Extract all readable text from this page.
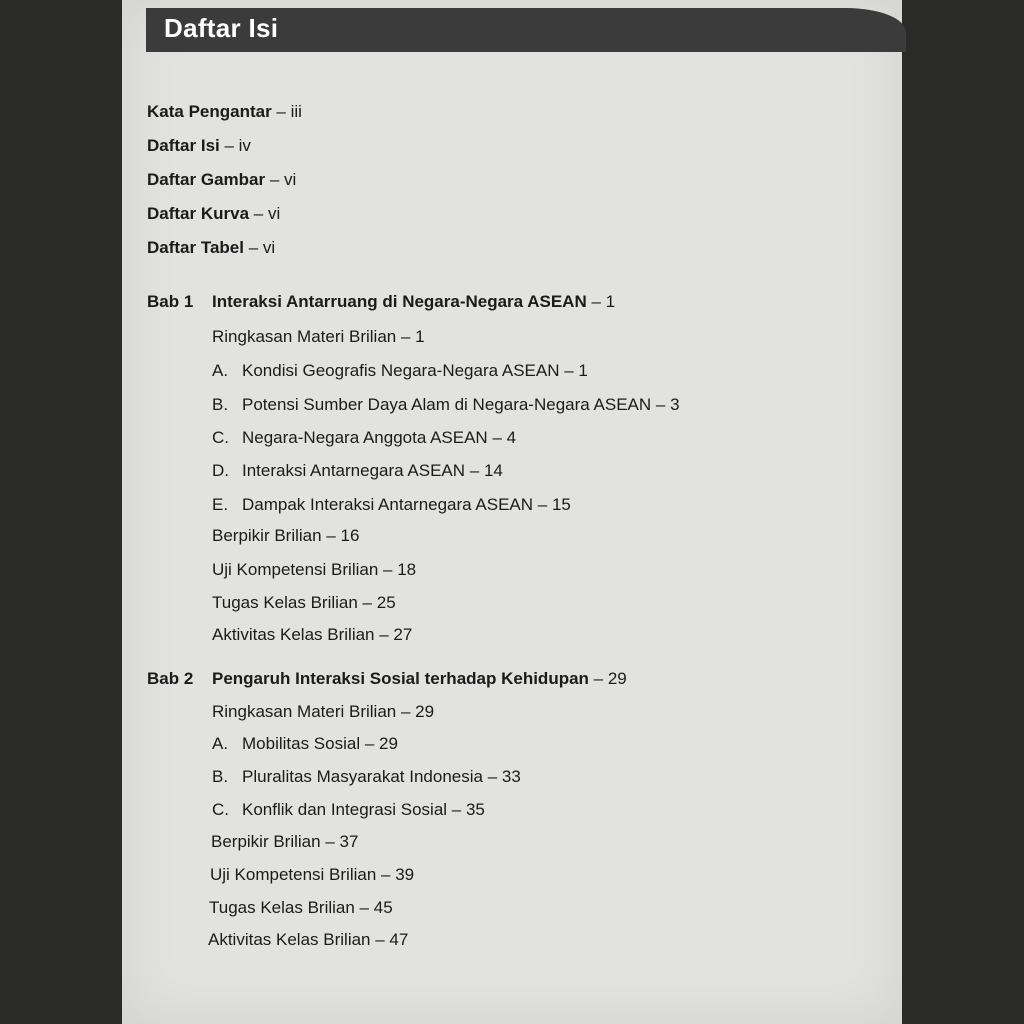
Daftar Isi
Kata Pengantar – iii
Daftar Isi – iv
Daftar Gambar – vi
Daftar Kurva – vi
Daftar Tabel – vi
Bab 1 Interaksi Antarruang di Negara-Negara ASEAN – 1
Ringkasan Materi Brilian – 1
A. Kondisi Geografis Negara-Negara ASEAN – 1
B. Potensi Sumber Daya Alam di Negara-Negara ASEAN – 3
C. Negara-Negara Anggota ASEAN – 4
D. Interaksi Antarnegara ASEAN – 14
E. Dampak Interaksi Antarnegara ASEAN – 15
Berpikir Brilian – 16
Uji Kompetensi Brilian – 18
Tugas Kelas Brilian – 25
Aktivitas Kelas Brilian – 27
Bab 2 Pengaruh Interaksi Sosial terhadap Kehidupan – 29
Ringkasan Materi Brilian – 29
A. Mobilitas Sosial – 29
B. Pluralitas Masyarakat Indonesia – 33
C. Konflik dan Integrasi Sosial – 35
Berpikir Brilian – 37
Uji Kompetensi Brilian – 39
Tugas Kelas Brilian – 45
Aktivitas Kelas Brilian – 47
